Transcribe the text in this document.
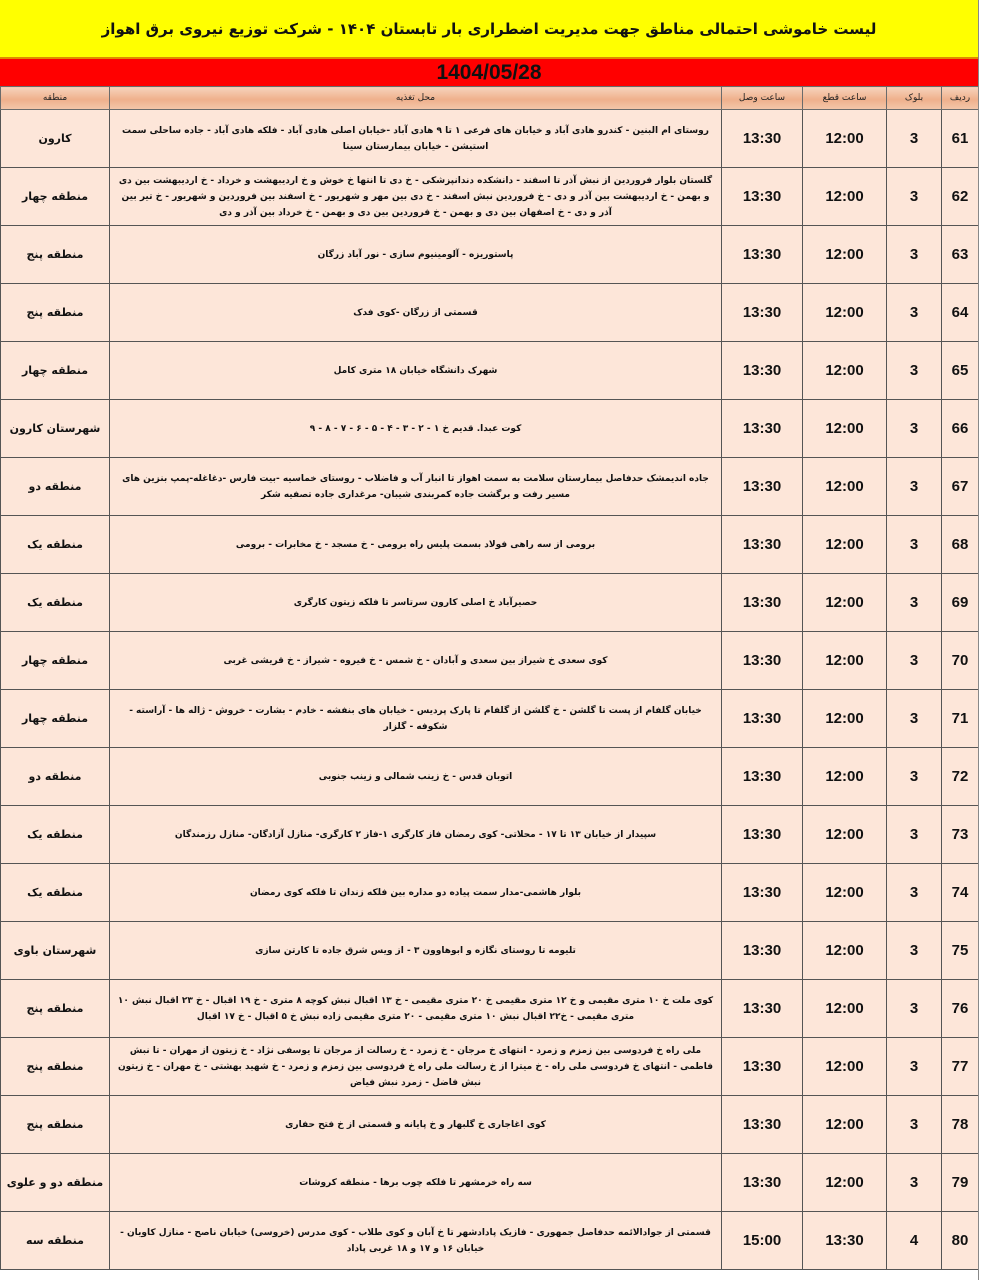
لیست خاموشی احتمالی مناطق جهت مدیریت اضطراری بار تابستان ۱۴۰۴ - شرکت توزیع نیروی برق اهواز
1404/05/28
ردیف	بلوک	ساعت قطع	ساعت وصل	محل تغذیه	منطقه
61	3	12:00	13:30	روستای ام البنین - کندرو هادی آباد و خیابان های فرعی ۱ تا ۹ هادی آباد -خیابان اصلی هادی آباد - فلکه هادی آباد - جاده ساحلی سمت استیشن - خیابان بیمارستان سینا	کارون
62	3	12:00	13:30	گلستان بلوار فروردین از نبش آذر تا اسفند - دانشکده دندانپزشکی - خ دی تا انتها خ خوش و خ اردیبهشت و خرداد - خ اردیبهشت بین دی و بهمن - خ اردیبهشت بین آذر و دی - خ فروردین نبش اسفند - خ دی بین مهر و شهریور - خ اسفند بین فروردین و شهریور - خ تیر بین آذر و دی - خ اصفهان بین دی و بهمن - خ فروردین بین دی و بهمن - خ خرداد بین آذر و دی	منطقه چهار
63	3	12:00	13:30	پاستوریزه - آلومینیوم سازی - نور آباد زرگان	منطقه پنج
64	3	12:00	13:30	قسمتی از زرگان -کوی فدک	منطقه پنج
65	3	12:00	13:30	شهرک دانشگاه خیابان ۱۸ متری کامل	منطقه چهار
66	3	12:00	13:30	کوت عبدا. قدیم خ ۱ - ۲ - ۳ - ۴ - ۵ - ۶ - ۷ - ۸ - ۹	شهرستان کارون
67	3	12:00	13:30	جاده اندیمشک حدفاصل بیمارستان سلامت به سمت اهواز تا انبار آب و فاضلاب - روستای خماسیه -بیت فارس -دغاغله-پمپ بنزین های مسیر رفت و برگشت جاده کمربندی شیبان- مرغداری جاده تصفیه شکر	منطقه دو
68	3	12:00	13:30	برومی از سه راهی فولاد بسمت پلیس راه برومی - خ مسجد - خ مخابرات - برومی	منطقه یک
69	3	12:00	13:30	حصیرآباد خ اصلی کارون سرتاسر تا فلکه زیتون کارگری	منطقه یک
70	3	12:00	13:30	کوی سعدی خ شیراز بین سعدی و آبادان - خ شمس - خ فیروه - شیراز - خ قریشی غربی	منطقه چهار
71	3	12:00	13:30	خیابان گلفام از پست تا گلشن - خ گلشن از گلفام تا پارک پردیس - خیابان های بنفشه - خادم - بشارت - خروش - ژاله ها - آراسته - شکوفه - گلزار	منطقه چهار
72	3	12:00	13:30	اتوبان قدس - خ زینب شمالی و زینب جنوبی	منطقه دو
73	3	12:00	13:30	سپیدار از خیابان ۱۳ تا ۱۷ - محلاتی- کوی رمضان فاز کارگری ۱-فاز ۲ کارگری- منازل آزادگان- منازل رزمندگان	منطقه یک
74	3	12:00	13:30	بلوار هاشمی-مدار سمت پیاده دو مداره بین فلکه زندان تا فلکه کوی رمضان	منطقه یک
75	3	12:00	13:30	تلیومه تا روستای نگازه و ابوهاوون ۳ - از ویس شرق جاده تا کارتن سازی	شهرستان باوی
76	3	12:00	13:30	کوی ملت خ ۱۰ متری مقیمی و خ ۱۲ متری مقیمی خ ۲۰ متری مقیمی - خ ۱۳ اقبال نبش کوچه ۸ متری - خ ۱۹ اقبال - خ ۲۳ اقبال نبش ۱۰ متری مقیمی - خ۲۲ اقبال نبش ۱۰ متری مقیمی - ۲۰ متری مقیمی زاده نبش خ ۵ اقبال - خ ۱۷ اقبال	منطقه پنج
77	3	12:00	13:30	ملی راه خ فردوسی بین زمزم و زمرد - انتهای خ مرجان - خ زمرد - خ رسالت از مرجان تا یوسفی نژاد - خ زیتون از مهران - تا نبش فاطمی - انتهای خ فردوسی ملی راه - خ میترا از خ رسالت ملی راه خ فردوسی بین زمزم و زمرد - خ شهید بهشتی - خ مهران - خ زیتون نبش فاضل - زمرد نبش فیاض	منطقه پنج
78	3	12:00	13:30	کوی اغاجاری خ گلبهار و خ پایانه و قسمتی از خ فتح حفاری	منطقه پنج
79	3	12:00	13:30	سه راه خرمشهر تا فلکه چوب برها - منطقه کروشات	منطقه دو و علوی
80	4	13:30	15:00	قسمتی از جوادالائمه حدفاصل جمهوری - فازیک پادادشهر تا خ آبان و کوی طلاب - کوی مدرس (خروسی) خیابان ناصح - منازل کاویان - خیابان ۱۶ و ۱۷ و ۱۸ غربی پاداد	منطقه سه
